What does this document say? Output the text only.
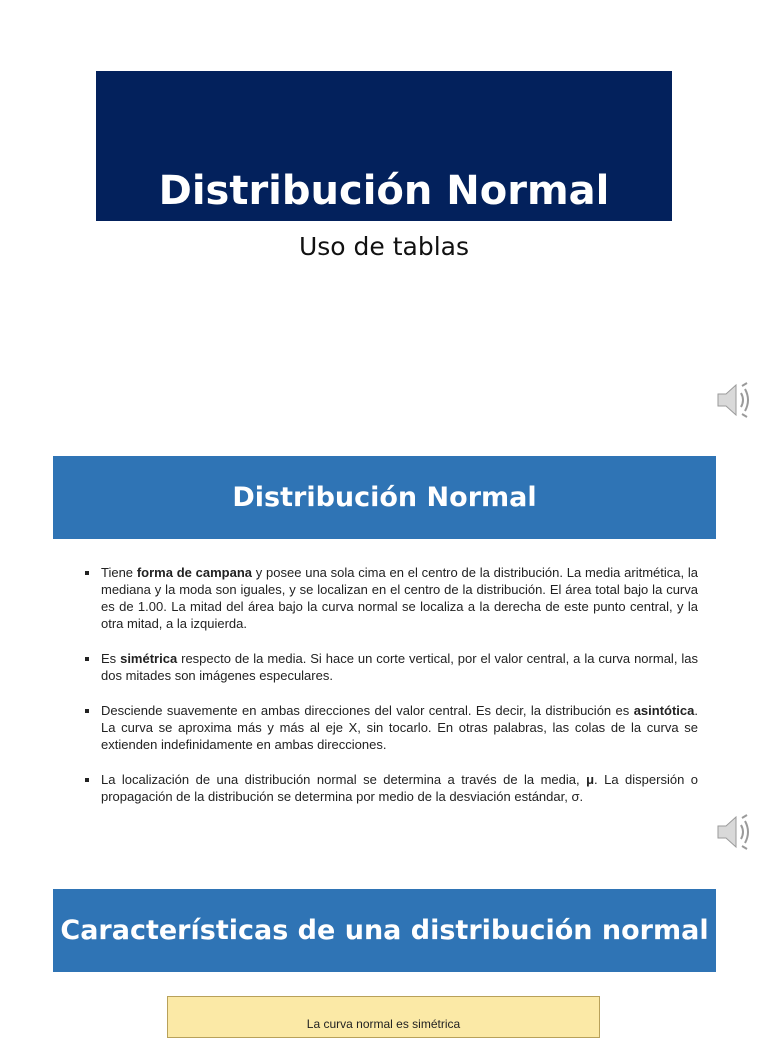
Distribución Normal
Uso de tablas
Distribución Normal
Tiene forma de campana y posee una sola cima en el centro de la distribución. La media aritmética, la mediana y la moda son iguales, y se localizan en el centro de la distribución. El área total bajo la curva es de 1.00. La mitad del área bajo la curva normal se localiza a la derecha de este punto central, y la otra mitad, a la izquierda.
Es simétrica respecto de la media. Si hace un corte vertical, por el valor central, a la curva normal, las dos mitades son imágenes especulares.
Desciende suavemente en ambas direcciones del valor central. Es decir, la distribución es asintótica. La curva se aproxima más y más al eje X, sin tocarlo. En otras palabras, las colas de la curva se extienden indefinidamente en ambas direcciones.
La localización de una distribución normal se determina a través de la media, μ. La dispersión o propagación de la distribución se determina por medio de la desviación estándar, σ.
Características de una distribución normal
La curva normal es simétrica
